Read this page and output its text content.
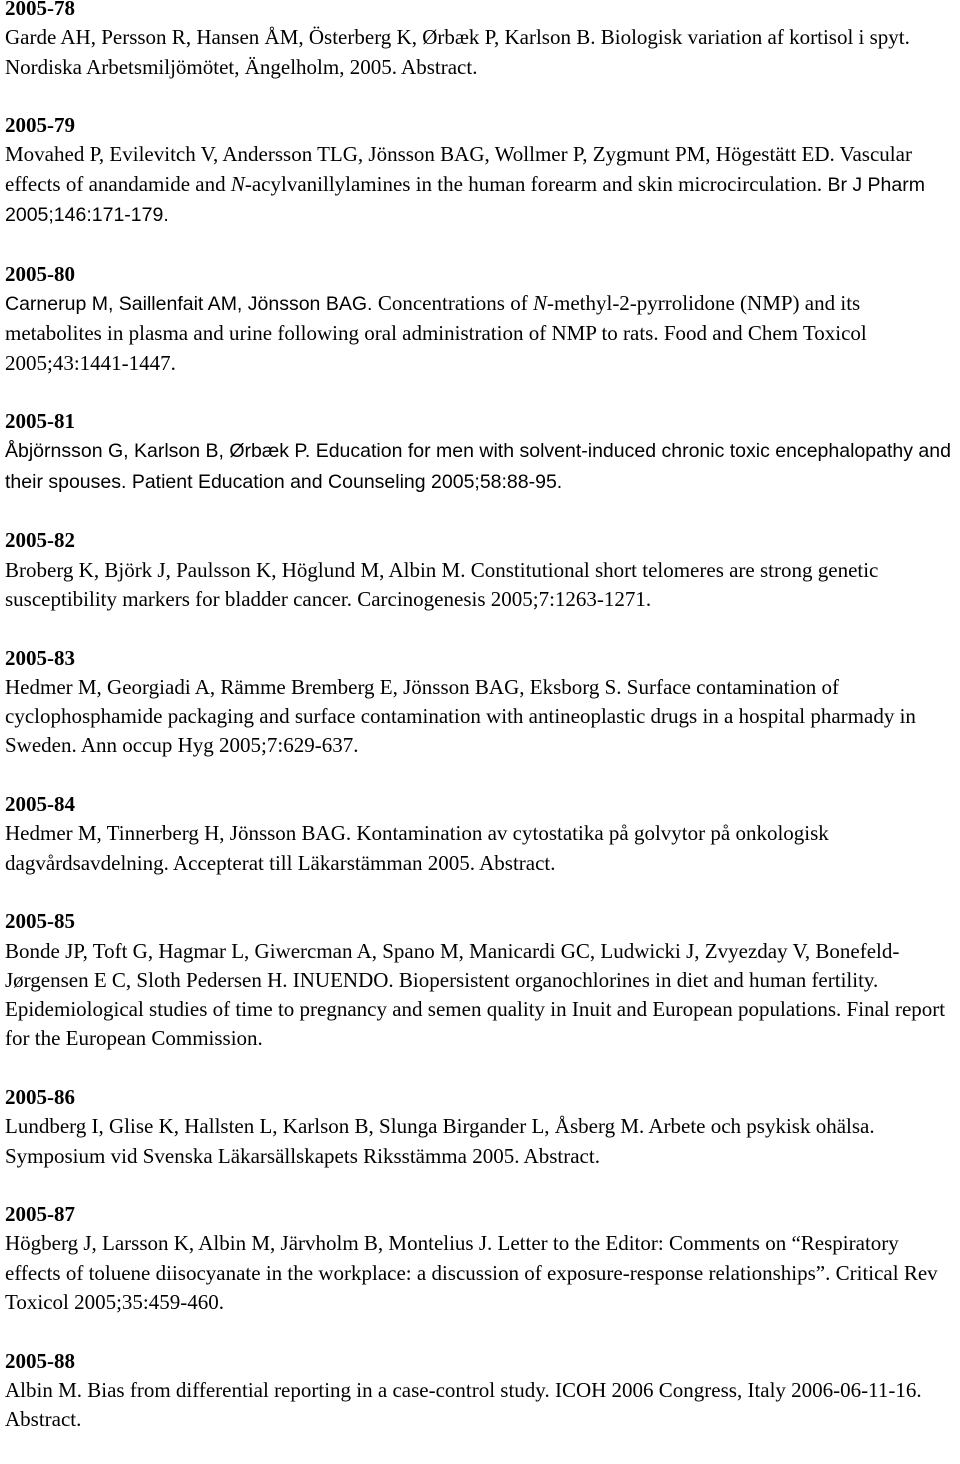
2005-78
Garde AH, Persson R, Hansen ÅM, Österberg K, Ørbæk P, Karlson B. Biologisk variation af kortisol i spyt. Nordiska Arbetsmiljömötet, Ängelholm, 2005. Abstract.
2005-79
Movahed P, Evilevitch V, Andersson TLG, Jönsson BAG, Wollmer P, Zygmunt PM, Högestätt ED. Vascular effects of anandamide and N-acylvanillylamines in the human forearm and skin microcirculation. Br J Pharm 2005;146:171-179.
2005-80
Carnerup M, Saillenfait AM, Jönsson BAG. Concentrations of N-methyl-2-pyrrolidone (NMP) and its metabolites in plasma and urine following oral administration of NMP to rats. Food and Chem Toxicol 2005;43:1441-1447.
2005-81
Åbjörnsson G, Karlson B, Ørbæk P. Education for men with solvent-induced chronic toxic encephalopathy and their spouses. Patient Education and Counseling 2005;58:88-95.
2005-82
Broberg K, Björk J, Paulsson K, Höglund M, Albin M. Constitutional short telomeres are strong genetic susceptibility markers for bladder cancer. Carcinogenesis 2005;7:1263-1271.
2005-83
Hedmer M, Georgiadi A, Rämme Bremberg E, Jönsson BAG, Eksborg S. Surface contamination of cyclophosphamide packaging and surface contamination with antineoplastic drugs in a hospital pharmady in Sweden. Ann occup Hyg 2005;7:629-637.
2005-84
Hedmer M, Tinnerberg H, Jönsson BAG. Kontamination av cytostatika på golvytor på onkologisk dagvårdsavdelning. Accepterat till Läkarstämman 2005. Abstract.
2005-85
Bonde JP, Toft G, Hagmar L, Giwercman A, Spano M, Manicardi GC, Ludwicki J, Zvyezday V, Bonefeld-Jørgensen E C, Sloth Pedersen H. INUENDO. Biopersistent organochlorines in diet and human fertility. Epidemiological studies of time to pregnancy and semen quality in Inuit and European populations. Final report for the European Commission.
2005-86
Lundberg I, Glise K, Hallsten L, Karlson B, Slunga Birgander L, Åsberg M. Arbete och psykisk ohälsa. Symposium vid Svenska Läkarsällskapets Riksstämma 2005. Abstract.
2005-87
Högberg J, Larsson K, Albin M, Järvholm B, Montelius J. Letter to the Editor: Comments on “Respiratory effects of toluene diisocyanate in the workplace: a discussion of exposure-response relationships”. Critical Rev Toxicol 2005;35:459-460.
2005-88
Albin M. Bias from differential reporting in a case-control study. ICOH 2006 Congress, Italy 2006-06-11-16. Abstract.
